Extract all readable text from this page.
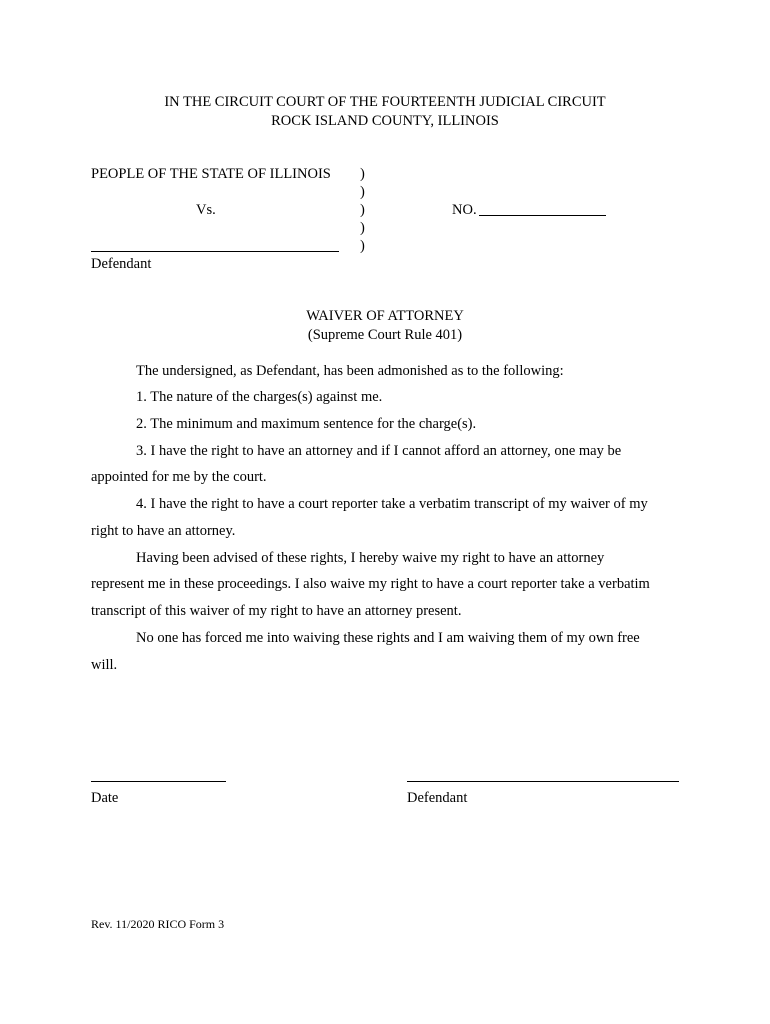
IN THE CIRCUIT COURT OF THE FOURTEENTH JUDICIAL CIRCUIT
ROCK ISLAND COUNTY, ILLINOIS
PEOPLE OF THE STATE OF ILLINOIS
Vs.
)
)
)
)
)
NO.
Defendant
WAIVER OF ATTORNEY
(Supreme Court Rule 401)
The undersigned, as Defendant, has been admonished as to the following:
1. The nature of the charges(s) against me.
2. The minimum and maximum sentence for the charge(s).
3. I have the right to have an attorney and if I cannot afford an attorney, one may be
appointed for me by the court.
4. I have the right to have a court reporter take a verbatim transcript of my waiver of my
right to have an attorney.
Having been advised of these rights, I hereby waive my right to have an attorney
represent me in these proceedings. I also waive my right to have a court reporter take a verbatim
transcript of this waiver of my right to have an attorney present.
No one has forced me into waiving these rights and I am waiving them of my own free
will.
Date	Defendant
Rev. 11/2020 RICO Form 3
